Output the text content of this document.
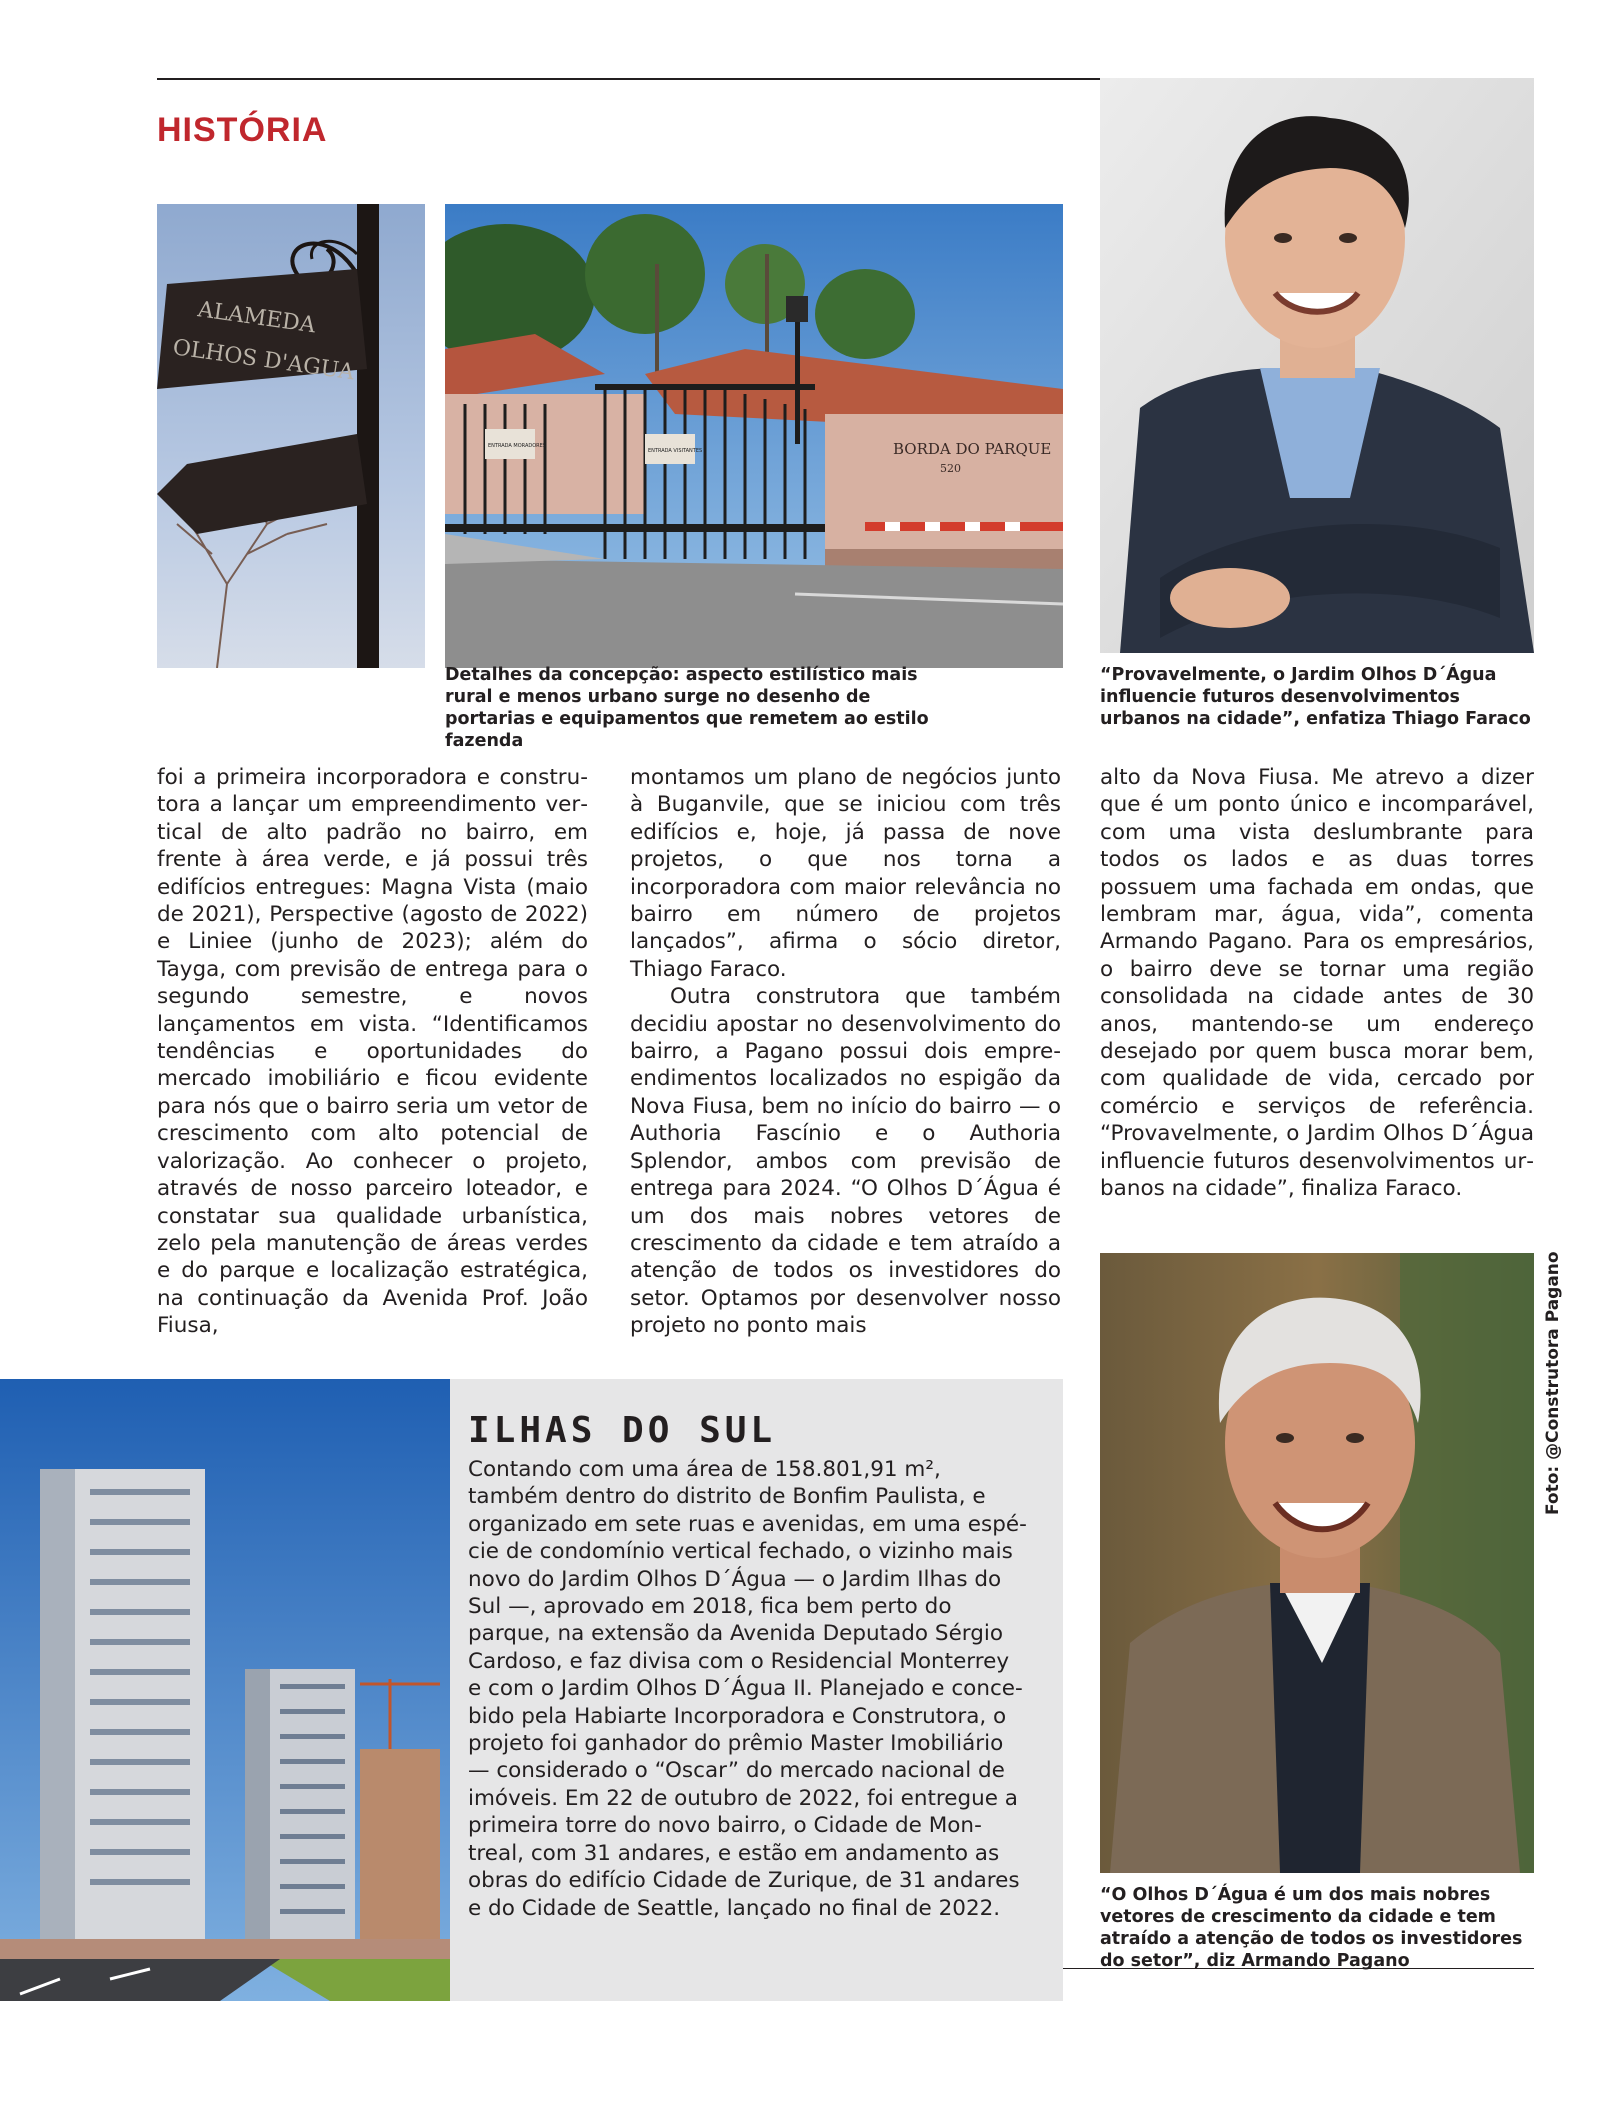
HISTÓRIA
ALAMEDA
OLHOS D'AGUA
ENTRADA MORADORES
ENTRADA VISITANTES	BORDA DO PARQUE
520
Detalhes da concepção: aspecto estilístico mais rural e menos urbano surge no desenho de portarias e equipamentos que remetem ao estilo fazenda
“Provavelmente, o Jardim Olhos D´Água influencie futuros desenvolvimentos urbanos na cidade”, enfatiza Thiago Faraco

foi a primeira incorporadora e construtora a lançar um empreendimento vertical de alto padrão no bairro, em frente à área verde, e já possui três edifícios entregues: Magna Vista (maio de 2021), Perspective (agosto de 2022) e Liniee (junho de 2023); além do Tayga, com previsão de entrega para o segundo semestre, e novos lançamentos em vista. “Identificamos tendências e oportunidades do mercado imobiliário e ficou evidente para nós que o bairro seria um vetor de crescimento com alto potencial de valorização. Ao conhecer o projeto, através de nosso parceiro loteador, e constatar sua qualidade urbanística, zelo pela manutenção de áreas verdes e do parque e localização estratégica, na continuação da Avenida Prof. João Fiusa,

montamos um plano de negócios junto à Buganvile, que se iniciou com três edifícios e, hoje, já passa de nove projetos, o que nos torna a incorporadora com maior relevância no bairro em número de projetos lançados”, afirma o sócio diretor, Thiago Faraco.

Outra construtora que também decidiu apostar no desenvolvimento do bairro, a Pagano possui dois empreendimentos localizados no espigão da Nova Fiusa, bem no início do bairro — o Authoria Fascínio e o Authoria Splendor, ambos com previsão de entrega para 2024. “O Olhos D´Água é um dos mais nobres vetores de crescimento da cidade e tem atraído a atenção de todos os investidores do setor. Optamos por desenvolver nosso projeto no ponto mais

alto da Nova Fiusa. Me atrevo a dizer que é um ponto único e incomparável, com uma vista deslumbrante para todos os lados e as duas torres possuem uma fachada em ondas, que lembram mar, água, vida”, comenta Armando Pagano. Para os empresários, o bairro deve se tornar uma região consolidada na cidade antes de 30 anos, mantendo-se um endereço desejado por quem busca morar bem, com qualidade de vida, cercado por comércio e serviços de referência. “Provavelmente, o Jardim Olhos D´Água influencie futuros desenvolvimentos urbanos na cidade”, finaliza Faraco.

ILHAS DO SUL
Contando com uma área de 158.801,91 m², também dentro do distrito de Bonfim Paulista, e organizado em sete ruas e avenidas, em uma espécie de condomínio vertical fechado, o vizinho mais novo do Jardim Olhos D´Água — o Jardim Ilhas do Sul —, aprovado em 2018, fica bem perto do parque, na extensão da Avenida Deputado Sérgio Cardoso, e faz divisa com o Residencial Monterrey e com o Jardim Olhos D´Água II. Planejado e concebido pela Habiarte Incorporadora e Construtora, o projeto foi ganhador do prêmio Master Imobiliário — considerado o “Oscar” do mercado nacional de imóveis. Em 22 de outubro de 2022, foi entregue a primeira torre do novo bairro, o Cidade de Montreal, com 31 andares, e estão em andamento as obras do edifício Cidade de Zurique, de 31 andares e do Cidade de Seattle, lançado no final de 2022.
“O Olhos D´Água é um dos mais nobres vetores de crescimento da cidade e tem atraído a atenção de todos os investidores do setor”, diz Armando Pagano
Foto: @Construtora Pagano
